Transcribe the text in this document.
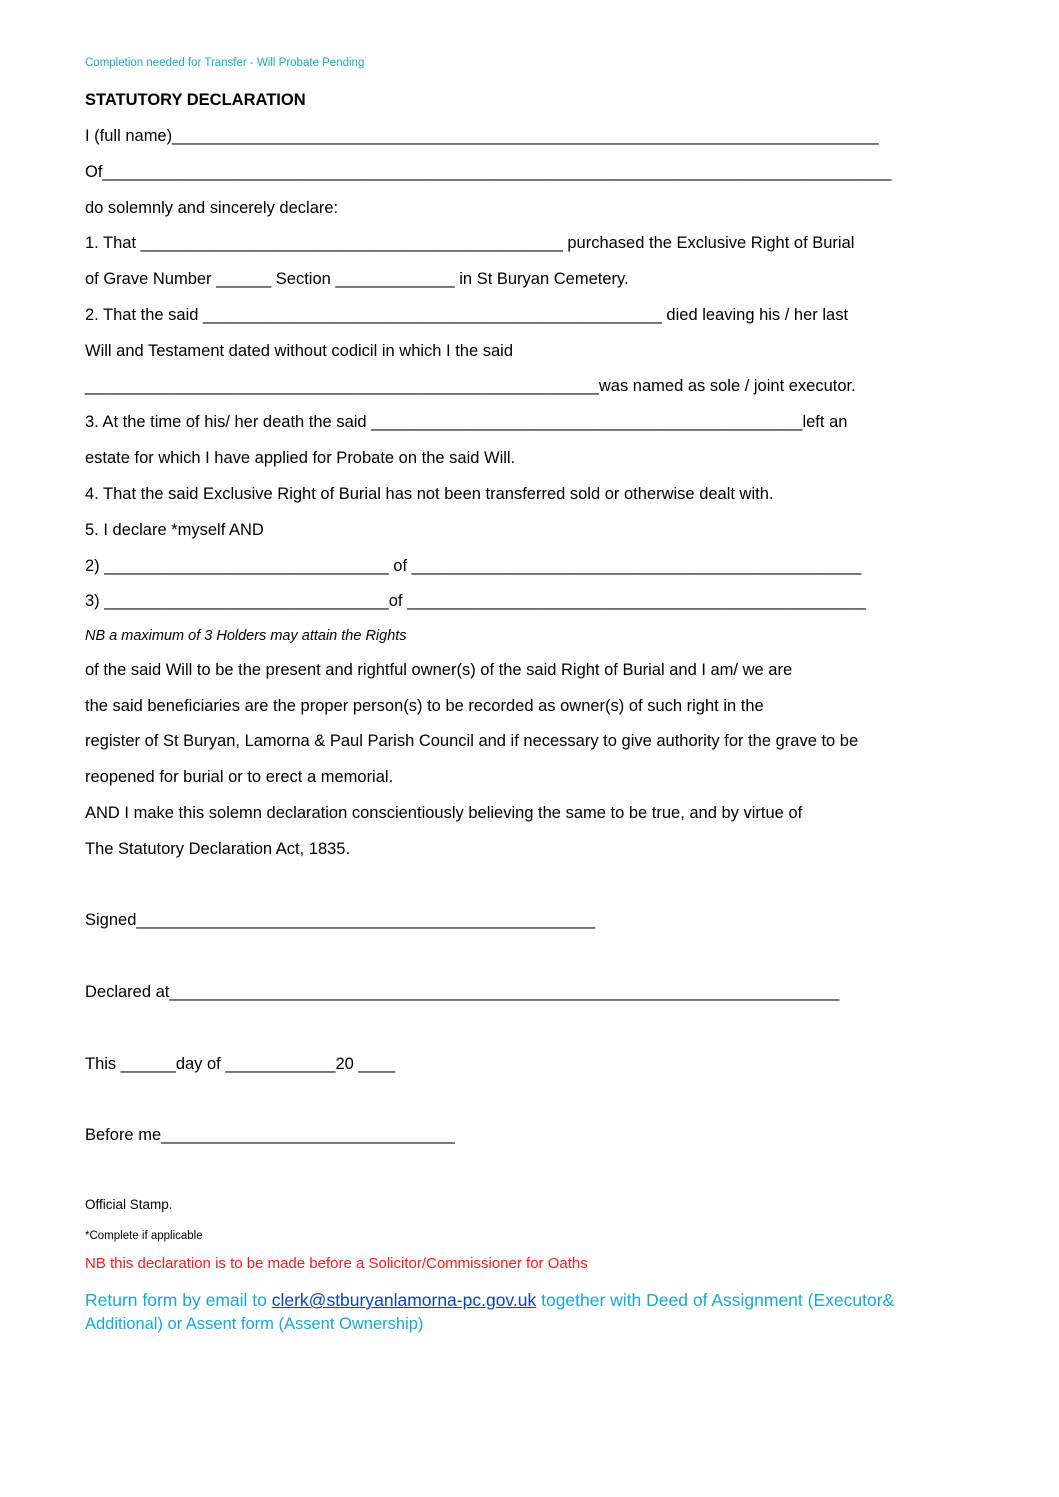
Completion needed for Transfer - Will Probate Pending
STATUTORY DECLARATION
I (full name)_____________________________________________________________________________
Of______________________________________________________________________________________
do solemnly and sincerely declare:
1. That ______________________________________________ purchased the Exclusive Right of Burial
of Grave Number ______ Section _____________ in St Buryan Cemetery.
2. That the said __________________________________________________ died leaving his / her last
Will and Testament dated without codicil in which I the said
________________________________________________________was named as sole / joint executor.
3. At the time of his/ her death the said _______________________________________________left an
estate for which I have applied for Probate on the said Will.
4. That the said Exclusive Right of Burial has not been transferred sold or otherwise dealt with.
5. I declare *myself AND
2) _______________________________ of _________________________________________________
3) _______________________________of __________________________________________________
NB a maximum of 3 Holders may attain the Rights
of the said Will to be the present and rightful owner(s) of the said Right of Burial and I am/ we are
the said beneficiaries are the proper person(s) to be recorded as owner(s) of such right in the
register of St Buryan, Lamorna & Paul Parish Council and if necessary to give authority for the grave to be
reopened for burial or to erect a memorial.
AND I make this solemn declaration conscientiously believing the same to be true, and by virtue of
The Statutory Declaration Act, 1835.
Signed__________________________________________________
Declared at_________________________________________________________________________
This ______day of ____________20 ____
Before me________________________________
Official Stamp.
*Complete if applicable
NB this declaration is to be made before a Solicitor/Commissioner for Oaths
Return form by email to clerk@stburyanlamorna-pc.gov.uk together with Deed of Assignment (Executor&
Additional) or Assent form (Assent Ownership)
